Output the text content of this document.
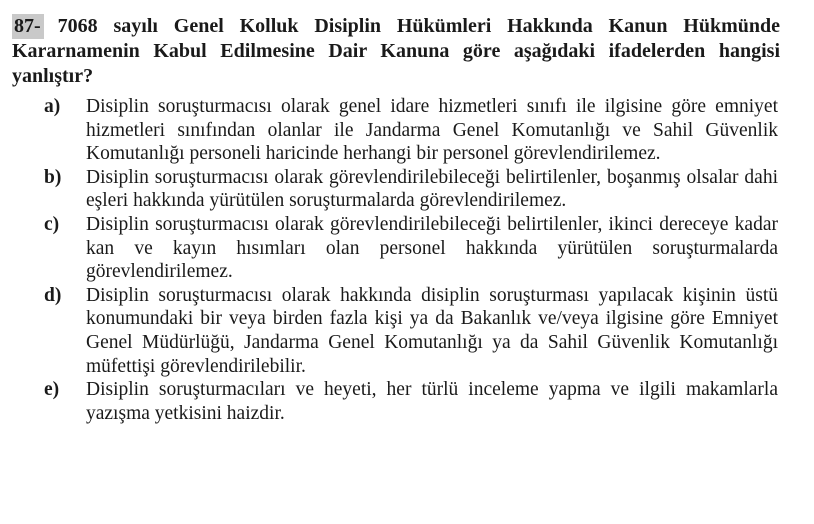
87- 7068 sayılı Genel Kolluk Disiplin Hükümleri Hakkında Kanun Hükmünde Kararnamenin Kabul Edilmesine Dair Kanuna göre aşağıdaki ifadelerden hangisi yanlıştır?
a)	Disiplin soruşturmacısı olarak genel idare hizmetleri sınıfı ile ilgisine göre emniyet hizmetleri sınıfından olanlar ile Jandarma Genel Komutanlığı ve Sahil Güvenlik Komutanlığı personeli haricinde herhangi bir personel görevlendirilemez.
b)	Disiplin soruşturmacısı olarak görevlendirilebileceği belirtilenler, boşanmış olsalar dahi eşleri hakkında yürütülen soruşturmalarda görevlendirilemez.
c)	Disiplin soruşturmacısı olarak görevlendirilebileceği belirtilenler, ikinci dereceye kadar kan ve kayın hısımları olan personel hakkında yürütülen soruşturmalarda görevlendirilemez.
d)	Disiplin soruşturmacısı olarak hakkında disiplin soruşturması yapılacak kişinin üstü konumundaki bir veya birden fazla kişi ya da Bakanlık ve/veya ilgisine göre Emniyet Genel Müdürlüğü, Jandarma Genel Komutanlığı ya da Sahil Güvenlik Komutanlığı müfettişi görevlendirilebilir.
e)	Disiplin soruşturmacıları ve heyeti, her türlü inceleme yapma ve ilgili makamlarla yazışma yetkisini haizdir.
